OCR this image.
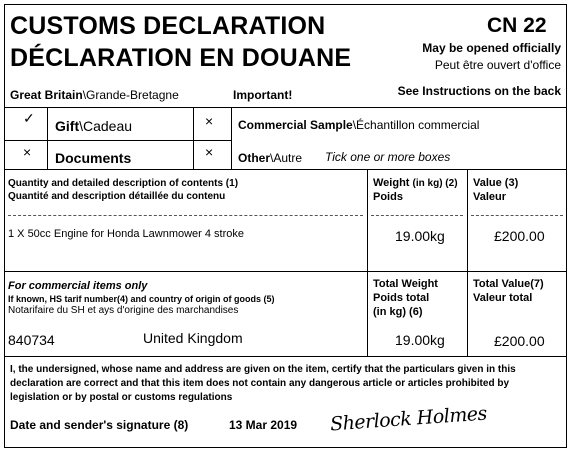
CUSTOMS DECLARATION
DÉCLARATION EN DOUANE
CN 22
May be opened officially
Peut être ouvert d'office
Great Britain\Grande-Bretagne	Important!	See Instructions on the back
✓ Gift\Cadeau
× Documents
× Commercial Sample\Échantillon commercial
× Other\Autre Tick one or more boxes
Quantity and detailed description of contents (1)
Quantité and description détaillée du contenu
Weight (in kg) (2)
Poids
Value (3)
Valeur
1 X 50cc Engine for Honda Lawnmower 4 stroke	19.00kg	£200.00
For commercial items only
If known, HS tarif number(4) and country of origin of goods (5)
Notarifaire du SH et ays d'origine des marchandises
840734	United Kingdom
Total Weight
Poids total
(in kg) (6)
Total Value(7)
Valeur total
19.00kg	£200.00
I, the undersigned, whose name and address are given on the item, certify that the particulars given in this
declaration are correct and that this item does not contain any dangerous article or articles prohibited by
legislation or by postal or customs regulations
Date and sender's signature (8)	13 Mar 2019 Sherlock Holmes
